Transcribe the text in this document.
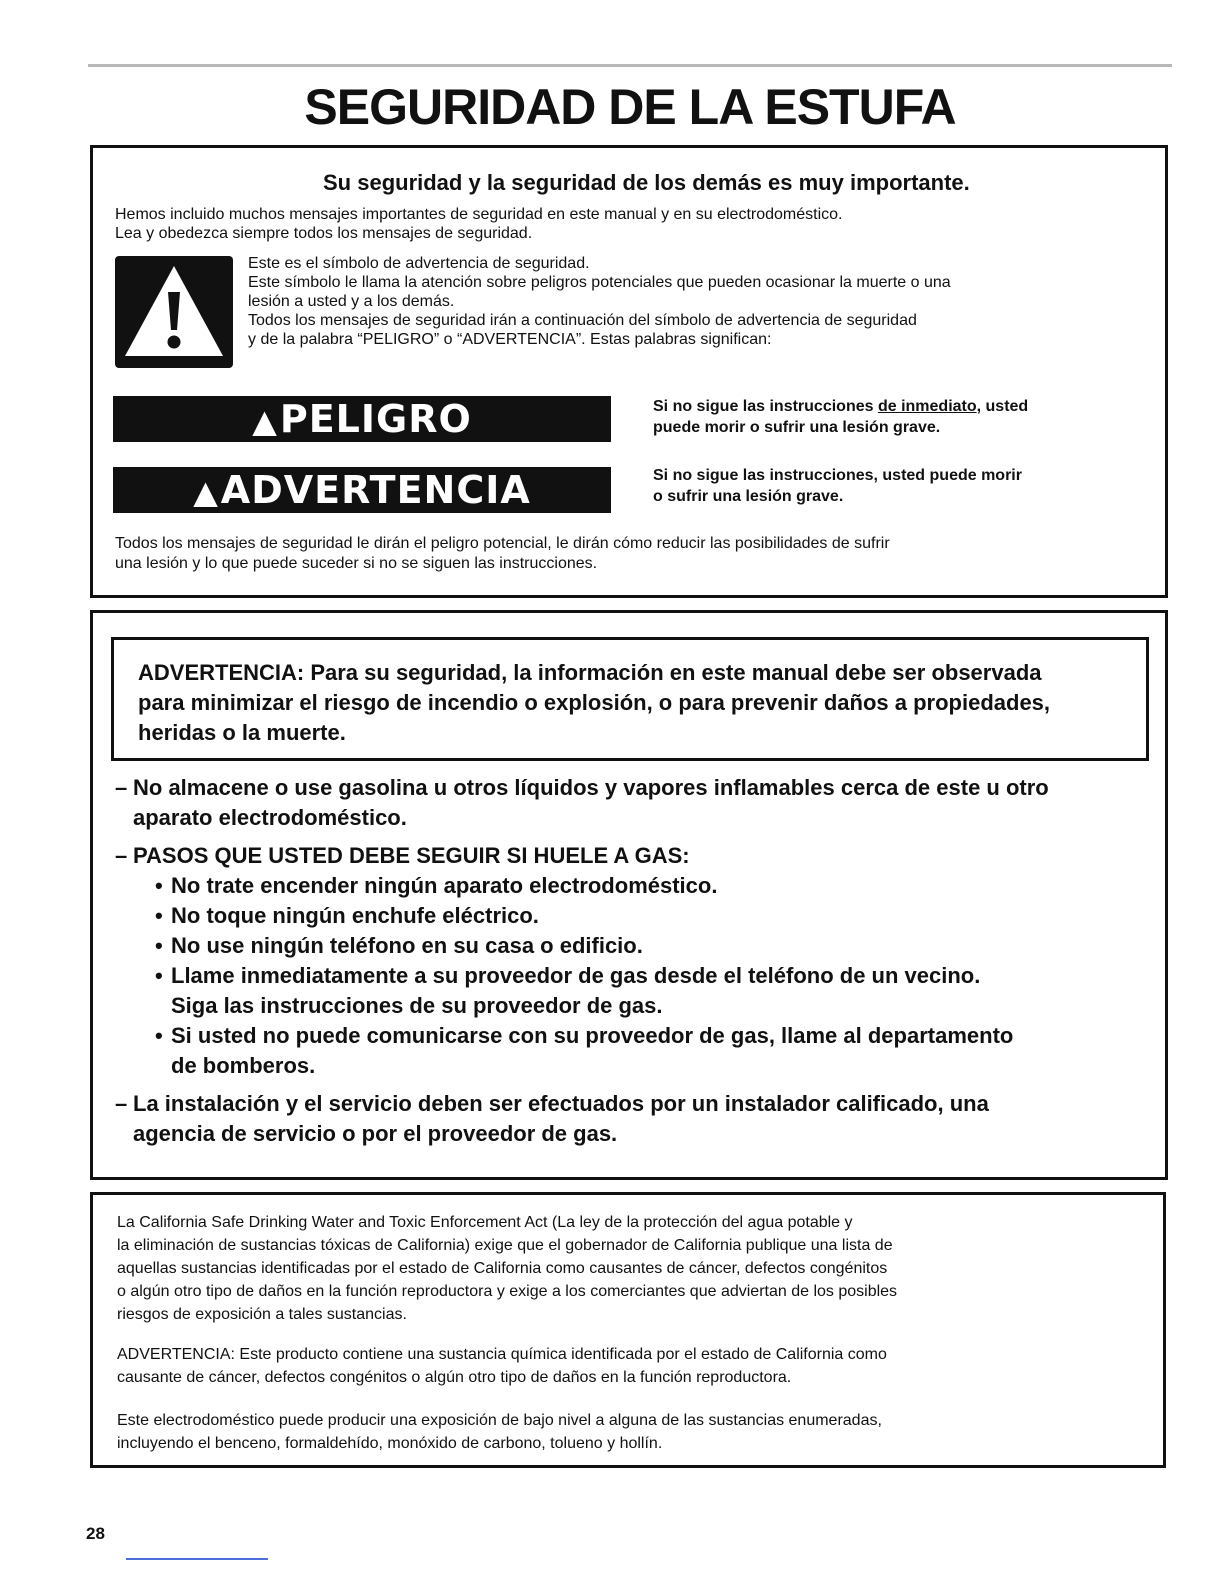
SEGURIDAD DE LA ESTUFA

Su seguridad y la seguridad de los demás es muy importante.

Hemos incluido muchos mensajes importantes de seguridad en este manual y en su electrodoméstico.
Lea y obedezca siempre todos los mensajes de seguridad.

Este es el símbolo de advertencia de seguridad.
Este símbolo le llama la atención sobre peligros potenciales que pueden ocasionar la muerte o una
lesión a usted y a los demás.
Todos los mensajes de seguridad irán a continuación del símbolo de advertencia de seguridad
y de la palabra “PELIGRO” o “ADVERTENCIA”. Estas palabras significan:

▲PELIGRO	Si no sigue las instrucciones de inmediato, usted
puede morir o sufrir una lesión grave.

▲ADVERTENCIA	Si no sigue las instrucciones, usted puede morir
o sufrir una lesión grave.

Todos los mensajes de seguridad le dirán el peligro potencial, le dirán cómo reducir las posibilidades de sufrir
una lesión y lo que puede suceder si no se siguen las instrucciones.

ADVERTENCIA: Para su seguridad, la información en este manual debe ser observada
para minimizar el riesgo de incendio o explosión, o para prevenir daños a propiedades,
heridas o la muerte.

– No almacene o use gasolina u otros líquidos y vapores inflamables cerca de este u otro
aparato electrodoméstico.
– PASOS QUE USTED DEBE SEGUIR SI HUELE A GAS:
• No trate encender ningún aparato electrodoméstico.
• No toque ningún enchufe eléctrico.
• No use ningún teléfono en su casa o edificio.
• Llame inmediatamente a su proveedor de gas desde el teléfono de un vecino.
Siga las instrucciones de su proveedor de gas.
• Si usted no puede comunicarse con su proveedor de gas, llame al departamento
de bomberos.
– La instalación y el servicio deben ser efectuados por un instalador calificado, una
agencia de servicio o por el proveedor de gas.

La California Safe Drinking Water and Toxic Enforcement Act (La ley de la protección del agua potable y
la eliminación de sustancias tóxicas de California) exige que el gobernador de California publique una lista de
aquellas sustancias identificadas por el estado de California como causantes de cáncer, defectos congénitos
o algún otro tipo de daños en la función reproductora y exige a los comerciantes que adviertan de los posibles
riesgos de exposición a tales sustancias.

ADVERTENCIA: Este producto contiene una sustancia química identificada por el estado de California como
causante de cáncer, defectos congénitos o algún otro tipo de daños en la función reproductora.

Este electrodoméstico puede producir una exposición de bajo nivel a alguna de las sustancias enumeradas,
incluyendo el benceno, formaldehído, monóxido de carbono, tolueno y hollín.

28
